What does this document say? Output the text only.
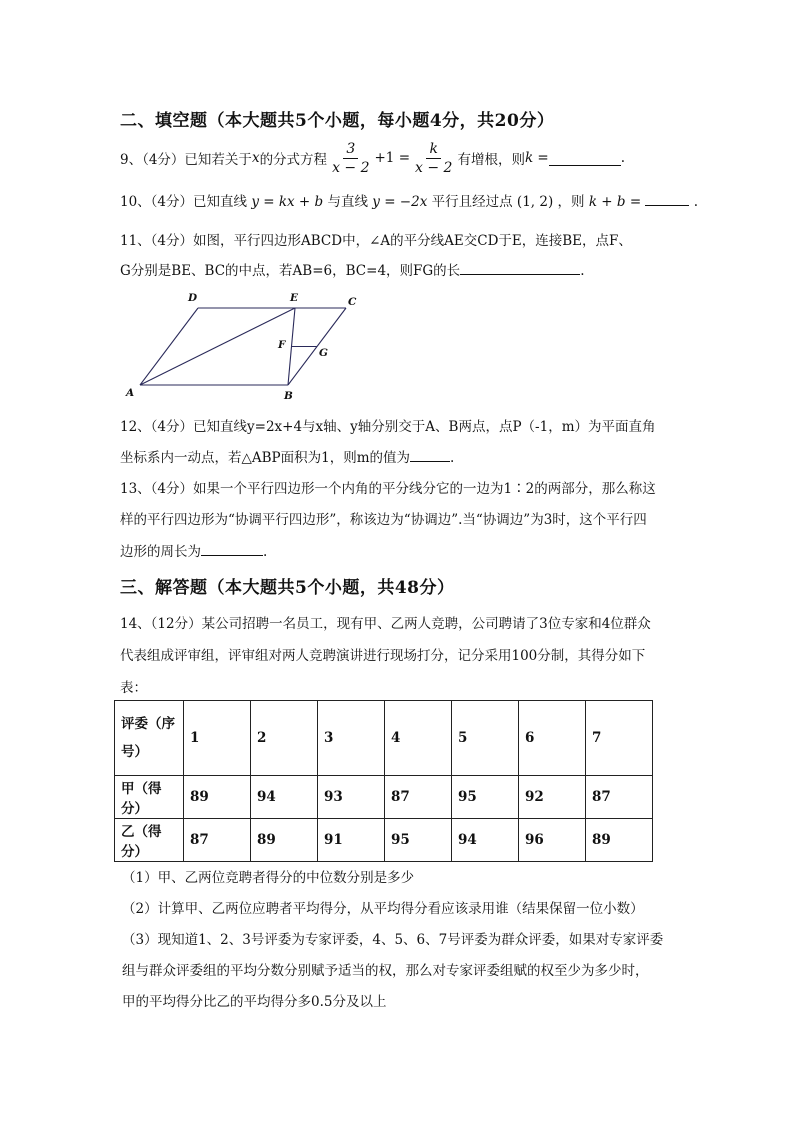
二、填空题（本大题共5个小题，每小题4分，共20分）
9、（4分）已知若关于 x 的分式方程 $\frac{3}{x - 2} +1 = \frac{k}{x - 2}$ 有增根，则 k =	.
10、（4分）已知直线 y = kx + b 与直线 y = −2x 平行且经过点 (1, 2) ，则 k + b =	.
11、（4分）如图，平行四边形ABCD中，∠A的平分线AE交CD于E，连接BE，点F、
G分别是BE、BC的中点，若AB=6，BC=4，则FG的长	.
A	B
C
D	E
F
G
12、（4分）已知直线y=2x+4与x轴、y轴分别交于A、B两点，点P（-1，m）为平面直角
坐标系内一动点，若△ABP面积为1，则m的值为	.
13、（4分）如果一个平行四边形一个内角的平分线分它的一边为1∶2的两部分，那么称这
样的平行四边形为“协调平行四边形”，称该边为“协调边”.当“协调边”为3时，这个平行四
边形的周长为	.
三、解答题（本大题共5个小题，共48分）
14、（12分）某公司招聘一名员工，现有甲、乙两人竞聘，公司聘请了3位专家和4位群众
代表组成评审组，评审组对两人竞聘演讲进行现场打分，记分采用100分制，其得分如下
表：
评委（序
号）	1	2	3	4	5	6	7
甲（得分）	89	94	93	87	95	92	87
乙（得分）	87	89	91	95	94	96	89
（1）甲、乙两位竞聘者得分的中位数分别是多少
（2）计算甲、乙两位应聘者平均得分，从平均得分看应该录用谁（结果保留一位小数）
（3）现知道1、2、3号评委为专家评委，4、5、6、7号评委为群众评委，如果对专家评委
组与群众评委组的平均分数分别赋予适当的权，那么对专家评委组赋的权至少为多少时，
甲的平均得分比乙的平均得分多0.5分及以上
